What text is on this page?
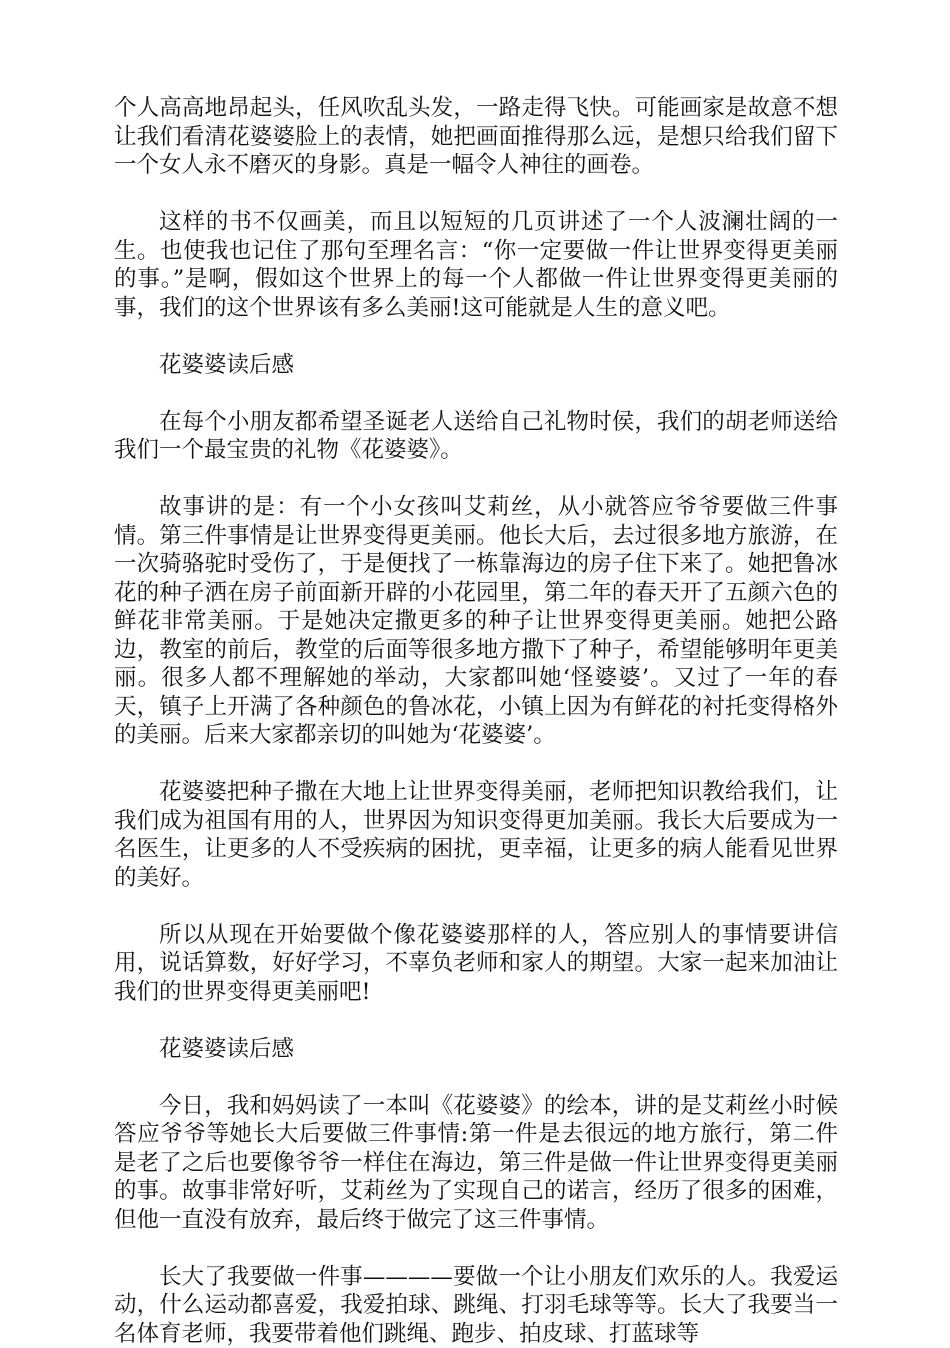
个人高高地昂起头，任风吹乱头发，一路走得飞快。可能画家是故意不想让我们看清花婆婆脸上的表情，她把画面推得那么远，是想只给我们留下一个女人永不磨灭的身影。真是一幅令人神往的画卷。

这样的书不仅画美，而且以短短的几页讲述了一个人波澜壮阔的一生。也使我也记住了那句至理名言：“你一定要做一件让世界变得更美丽的事。”是啊，假如这个世界上的每一个人都做一件让世界变得更美丽的事，我们的这个世界该有多么美丽!这可能就是人生的意义吧。

花婆婆读后感

在每个小朋友都希望圣诞老人送给自己礼物时侯，我们的胡老师送给我们一个最宝贵的礼物《花婆婆》。

故事讲的是：有一个小女孩叫艾莉丝，从小就答应爷爷要做三件事情。第三件事情是让世界变得更美丽。他长大后，去过很多地方旅游，在一次骑骆驼时受伤了，于是便找了一栋靠海边的房子住下来了。她把鲁冰花的种子洒在房子前面新开辟的小花园里，第二年的春天开了五颜六色的鲜花非常美丽。于是她决定撒更多的种子让世界变得更美丽。她把公路边，教室的前后，教堂的后面等很多地方撒下了种子，希望能够明年更美丽。很多人都不理解她的举动，大家都叫她‘怪婆婆’。又过了一年的春天，镇子上开满了各种颜色的鲁冰花，小镇上因为有鲜花的衬托变得格外的美丽。后来大家都亲切的叫她为‘花婆婆’。

花婆婆把种子撒在大地上让世界变得美丽，老师把知识教给我们，让我们成为祖国有用的人，世界因为知识变得更加美丽。我长大后要成为一名医生，让更多的人不受疾病的困扰，更幸福，让更多的病人能看见世界的美好。

所以从现在开始要做个像花婆婆那样的人，答应别人的事情要讲信用，说话算数，好好学习，不辜负老师和家人的期望。大家一起来加油让我们的世界变得更美丽吧!

花婆婆读后感

今日，我和妈妈读了一本叫《花婆婆》的绘本，讲的是艾莉丝小时候答应爷爷等她长大后要做三件事情:第一件是去很远的地方旅行，第二件是老了之后也要像爷爷一样住在海边，第三件是做一件让世界变得更美丽的事。故事非常好听，艾莉丝为了实现自己的诺言，经历了很多的困难，但他一直没有放弃，最后终于做完了这三件事情。

长大了我要做一件事————要做一个让小朋友们欢乐的人。我爱运动，什么运动都喜爱，我爱拍球、跳绳、打羽毛球等等。长大了我要当一名体育老师，我要带着他们跳绳、跑步、拍皮球、打蓝球等
